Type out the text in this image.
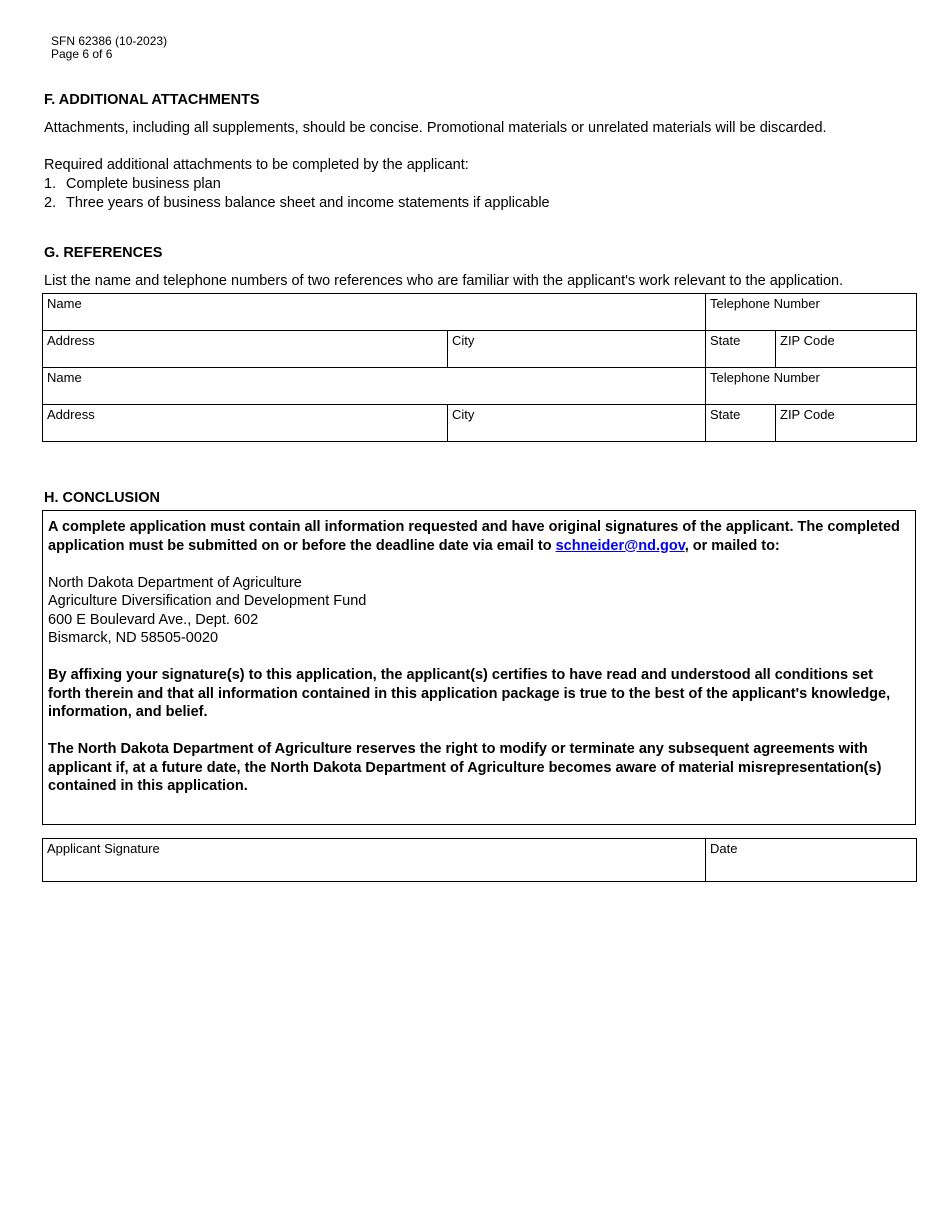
SFN 62386 (10-2023)
Page 6 of 6
F. ADDITIONAL ATTACHMENTS

Attachments, including all supplements, should be concise. Promotional materials or unrelated materials will be discarded.

Required additional attachments to be completed by the applicant:

1. Complete business plan
2. Three years of business balance sheet and income statements if applicable
G. REFERENCES

List the name and telephone numbers of two references who are familiar with the applicant's work relevant to the application.

Name		Telephone Number	
Address	City	State	ZIP Code
Name		Telephone Number	
Address	City	State	ZIP Code
H. CONCLUSION

A complete application must contain all information requested and have original signatures of the applicant. The completed application must be submitted on or before the deadline date via email to schneider@nd.gov, or mailed to:

North Dakota Department of Agriculture
Agriculture Diversification and Development Fund
600 E Boulevard Ave., Dept. 602
Bismarck, ND 58505-0020

By affixing your signature(s) to this application, the applicant(s) certifies to have read and understood all conditions set forth therein and that all information contained in this application package is true to the best of the applicant's knowledge, information, and belief.

The North Dakota Department of Agriculture reserves the right to modify or terminate any subsequent agreements with applicant if, at a future date, the North Dakota Department of Agriculture becomes aware of material misrepresentation(s) contained in this application.

Applicant Signature	Date
